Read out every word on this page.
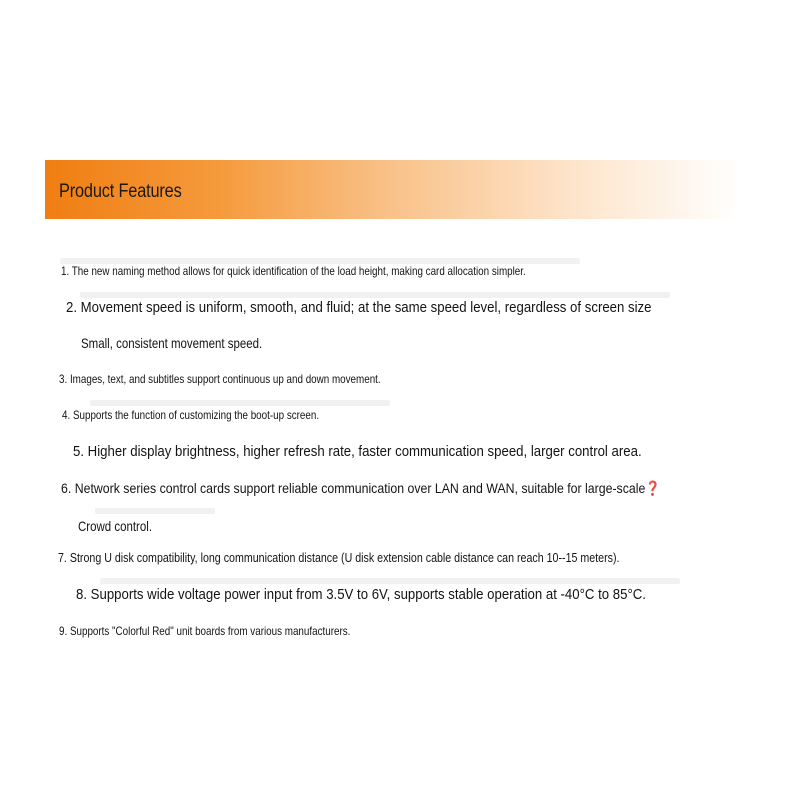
Product Features
1. The new naming method allows for quick identification of the load height, making card allocation simpler.
2. Movement speed is uniform, smooth, and fluid; at the same speed level, regardless of screen size
Small, consistent movement speed.
3. Images, text, and subtitles support continuous up and down movement.
4. Supports the function of customizing the boot-up screen.
5. Higher display brightness, higher refresh rate, faster communication speed, larger control area.
6. Network series control cards support reliable communication over LAN and WAN, suitable for large-scale❓
Crowd control.
7. Strong U disk compatibility, long communication distance (U disk extension cable distance can reach 10--15 meters).
8. Supports wide voltage power input from 3.5V to 6V, supports stable operation at -40°C to 85°C.
9. Supports "Colorful Red" unit boards from various manufacturers.
